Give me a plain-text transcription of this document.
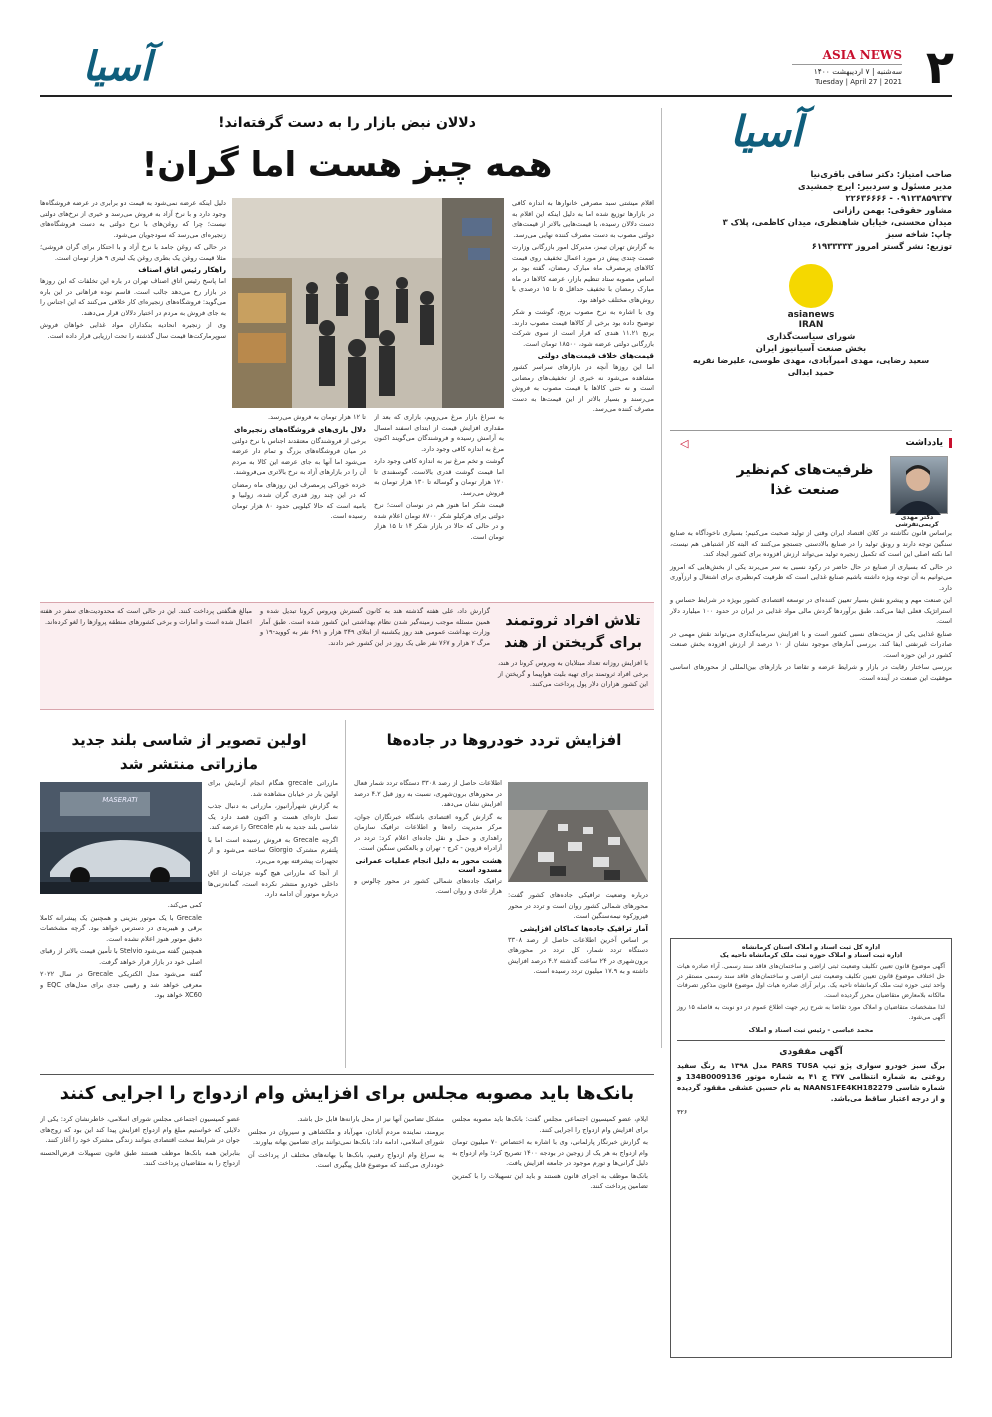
۲
ASIA NEWS
سه‌شنبه | ۷ اردیبهشت ۱۴۰۰
Tuesday | April 27 | 2021
آسیا
آسیا
صاحب امتیاز: دکتر ساقی باقری‌نیا
مدیر مسئول و سردبیر: ایرج جمشیدی
۰۹۱۲۳۸۵۹۲۳۷ - ۲۲۶۳۶۶۶۶
مشاور حقوقی: بهمن رازانی
میدان محسنی، خیابان شاهنظری، میدان کاظمی، پلاک ۳
چاپ: شاخه سبز
توزیع: نشر گستر امروز ۶۱۹۳۳۳۳۳
asianews
IRAN
شورای سیاست‌گذاری
بخش صنعت آسیانیوز ایران
سعید رضایی، مهدی امیرآبادی، مهدی طوسی، علیرضا نقریه
حمید ابدالی
یادداشت
◁
دکتر مهدی کریمی‌تفرشی
ظرفیت‌های کم‌نظیر صنعت غذا

براساس قانون نگاشته در کلان اقتصاد ایران وقتی از تولید صحبت می‌کنیم؛ بسیاری ناخودآگاه به صنایع سنگین توجه دارند و رونق تولید را در صنایع بالادستی جستجو می‌کنند که البته کار اشتباهی هم نیست، اما نکته اصلی این است که تکمیل زنجیره تولید می‌تواند ارزش افزوده برای کشور ایجاد کند.

در حالی که بسیاری از صنایع در حال حاضر در رکود نسبی به سر می‌برند یکی از بخش‌هایی که امروز می‌توانیم به آن توجه ویژه داشته باشیم صنایع غذایی است که ظرفیت کم‌نظیری برای اشتغال و ارزآوری دارد.

این صنعت مهم و پیشرو نقش بسیار تعیین کننده‌ای در توسعه اقتصادی کشور بویژه در شرایط حساس و استراتژیک فعلی ایفا می‌کند. طبق برآوردها گردش مالی مواد غذایی در ایران در حدود ۱۰۰ میلیارد دلار است.

صنایع غذایی یکی از مزیت‌های نسبی کشور است و با افزایش سرمایه‌گذاری می‌تواند نقش مهمی در صادرات غیرنفتی ایفا کند. بررسی آمارهای موجود نشان از ۱۰ درصد از ارزش افزوده بخش صنعت کشور در این حوزه است.

بررسی ساختار رقابت در بازار و شرایط عرضه و تقاضا در بازارهای بین‌المللی از محورهای اساسی موفقیت این صنعت در آینده است.

اداره کل ثبت اسناد و املاک استان کرمانشاه
اداره ثبت اسناد و املاک حوزه ثبت ملک کرمانشاه ناحیه یک
آگهی موضوع قانون تعیین تکلیف وضعیت ثبتی اراضی و ساختمان‌های فاقد سند رسمی. آراء صادره هیات حل اختلاف موضوع قانون تعیین تکلیف وضعیت ثبتی اراضی و ساختمان‌های فاقد سند رسمی مستقر در واحد ثبتی حوزه ثبت ملک کرمانشاه ناحیه یک. برابر آرای صادره هیات اول موضوع قانون مذکور تصرفات مالکانه بلامعارض متقاضیان محرز گردیده است.
لذا مشخصات متقاضیان و املاک مورد تقاضا به شرح زیر جهت اطلاع عموم در دو نوبت به فاصله ۱۵ روز آگهی می‌شود.
محمد عباسی - رئیس ثبت اسناد و املاک
آگهی مفقودی
برگ سبز خودرو سواری پژو تیپ PARS TUSA مدل ۱۳۹۸ به رنگ سفید روغنی به شماره انتظامی ۳۷۷ ج ۴۱ به شماره موتور 134B0009136 و شماره شاسی NAANS1FE4KH182279 به نام حسین عشقی مفقود گردیده و از درجه اعتبار ساقط می‌باشد.
۳۲۶
دلالان نبض بازار را به دست گرفته‌اند!
همه چیز هست اما گران!

اقلام میشتی سبد مصرفی خانوارها به اندازه کافی در بازارها توزیع شده اما به دلیل اینکه این اقلام به دست دلالان رسیده، با قیمت‌هایی بالاتر از قیمت‌های دولتی مصوب به دست مصرف کننده نهایی می‌رسد.

به گزارش تهران تیمز، مدیرکل امور بازرگانی وزارت صمت چندی پیش در مورد اعمال تخفیف روی قیمت کالاهای پرمصرف ماه مبارک رمضان، گفته بود بر اساس مصوبه ستاد تنظیم بازار، عرضه کالاها در ماه مبارک رمضان با تخفیف حداقل ۵ تا ۱۵ درصدی با روش‌های مختلف خواهد بود.

وی با اشاره به نرخ مصوب برنج، گوشت و شکر توضیح داده بود برخی از کالاها قیمت مصوب دارند. برنج ۱۱.۲۱ هندی که قرار است از سوی شرکت بازرگانی دولتی عرضه شود، ۱۸۵۰۰ تومان است.

قیمت‌های خلاف قیمت‌های دولتی

اما این روزها آنچه در بازارهای سراسر کشور مشاهده می‌شود نه خبری از تخفیف‌های رمضانی است و نه حتی کالاها با قیمت مصوب به فروش می‌رسند و بسیار بالاتر از این قیمت‌ها به دست مصرف کننده می‌رسد.

دلیل اینکه عرضه نمی‌شود به قیمت دو برابری در عرضه فروشگاه‌ها وجود دارد و با نرخ آزاد به فروش می‌رسد و خیری از نرخ‌های دولتی نیست؛ چرا که روغن‌های با نرخ دولتی به دست فروشگاه‌های زنجیره‌ای می‌رسد که سودجویان می‌شود.

در حالی که روغن جامد با نرخ آزاد و با احتکار برای گران فروشی؛ مثلا قیمت روغن یک بطری روغن یک لیتری ۹ هزار تومان است.

راهکار رئیس اتاق اصناف

اما پاسخ رئیس اتاق اصناف تهران در باره این تخلفات که این روزها در بازار رخ می‌دهد جالب است. قاسم نوده فراهانی در این باره می‌گوید: فروشگاه‌های زنجیره‌ای کار خلافی می‌کنند که این اجناس را به جای فروش به مردم در اختیار دلالان قرار می‌دهند.

وی از زنجیره انحادیه بنکداران مواد غذایی خواهان فروش سوپرمارکت‌ها قیمت سال گذشته را تحت ارزیابی قرار داده است.

به سراغ بازار مرغ می‌رویم، بازاری که بعد از مقداری افزایش قیمت از ابتدای اسفند امسال به آرامش رسیده و فروشندگان می‌گویند اکنون مرغ به اندازه کافی وجود دارد.

گوشت و تخم مرغ نیز به اندازه کافی وجود دارد اما قیمت گوشت قدری بالاست. گوسفندی تا ۱۲۰ هزار تومان و گوساله تا ۱۳۰ هزار تومان به فروش می‌رسد.

قیمت شکر اما هنوز هم در نوسان است؛ نرخ دولتی برای هرکیلو شکر ۸۷۰۰ تومان اعلام شده و در حالی که حالا در بازار شکر ۱۴ تا ۱۵ هزار تومان است.

تا ۱۲ هزار تومان به فروش می‌رسد.

دلال بازی‌های فروشگاه‌های زنجیره‌ای

برخی از فروشندگان معتقدند اجناس با نرخ دولتی در میان فروشگاه‌های بزرگ و تمام دار عرضه می‌شود اما آنها به جای عرضه این کالا به مردم آن را در بازارهای آزاد به نرخ بالاتری می‌فروشند.

خرده خوراکی پرمصرف این روزهای ماه رمضان که در این چند روز قدری گران شده، زولبیا و بامیه است که حالا کیلویی حدود ۸۰ هزار تومان رسیده است.

تلاش افراد ثروتمند برای گریختن از هند
با افزایش روزانه تعداد مبتلایان به ویروس کرونا در هند، برخی افراد ثروتمند برای تهیه بلیت هواپیما و گریختن از این کشور هزاران دلار پول پرداخت می‌کنند.
گزارش داد، علی هفته گذشته هند به کانون گسترش ویروس کرونا تبدیل شده و همین مسئله موجب زمینه‌گیر شدن نظام بهداشتی این کشور شده است. طبق آمار وزارت بهداشت عمومی هند روز یکشنبه از ابتلای ۳۴۹ هزار و ۶۹۱ نفر به کووید-۱۹ و مرگ ۲ هزار و ۷۶۷ نفر طی یک روز در این کشور خبر دادند.
مبالغ هنگفتی پرداخت کنند. این در حالی است که محدودیت‌های سفر در هفته اعمال شده است و امارات و برخی کشورهای منطقه پروازها را لغو کرده‌اند.
افزایش تردد خودروها در جاده‌ها

اطلاعات حاصل از رصد ۳۳۰۸ دستگاه تردد شمار فعال در محورهای برون‌شهری، نسبت به روز قبل ۴.۲ درصد افزایش نشان می‌دهد.

به گزارش گروه اقتصادی باشگاه خبرنگاران جوان، مرکز مدیریت راه‌ها و اطلاعات ترافیک سازمان راهداری و حمل و نقل جاده‌ای اعلام کرد: تردد در آزادراه قزوین - کرج - تهران و بالعکس سنگین است.

هشت محور به دلیل انجام عملیات عمرانی مسدود است

ترافیک جاده‌های شمالی کشور در محور چالوس و هراز عادی و روان است. درباره وضعیت ترافیکی جاده‌های کشور گفت: محورهای شمالی کشور روان است و تردد در محور فیروزکوه نیمه‌سنگین است.

آمار ترافیک جاده‌ها کماکان افزایشی

بر اساس آخرین اطلاعات حاصل از رصد ۳۳۰۸ دستگاه تردد شمار، کل تردد در محورهای برون‌شهری در ۲۴ ساعت گذشته ۴.۲ درصد افزایش داشته و به ۱۷.۹ میلیون تردد رسیده است.

اولین تصویر از شاسی بلند جدید مازراتی منتشر شد
MASERATI

مازراتی grecale هنگام انجام آزمایش برای اولین بار در خیابان مشاهده شد.

به گزارش شهرآرانیوز، مازراتی به دنبال جذب نسل تازه‌ای هست و اکنون قصد دارد یک شاسی بلند جدید به نام Grecale را عرضه کند.

اگرچه Grecale به فروش رسیده است اما با پلتفرم مشترک Giorgio ساخته می‌شود و از تجهیزات پیشرفته بهره می‌برد.

از آنجا که مازراتی هیچ گونه جزئیات از اتاق داخلی خودرو منتشر نکرده است، گمانه‌زنی‌ها درباره موتور آن ادامه دارد.

کمی می‌کند.

Grecale با یک موتور بنزینی و همچنین یک پیشرانه کاملا برقی و هیبریدی در دسترس خواهد بود. گرچه مشخصات دقیق موتور هنوز اعلام نشده است.

همچنین گفته می‌شود Stelvio با تأمین قیمت بالاتر از رقبای اصلی خود در بازار قرار خواهد گرفت.

گفته می‌شود مدل الکتریکی Grecale در سال ۲۰۲۲ معرفی خواهد شد و رقیبی جدی برای مدل‌های EQC و XC60 خواهد بود.

بانک‌ها باید مصوبه مجلس برای افزایش وام ازدواج را اجرایی کنند

ایلام، عضو کمیسیون اجتماعی مجلس گفت: بانک‌ها باید مصوبه مجلس برای افزایش وام ازدواج را اجرایی کنند.

به گزارش خبرنگار پارلمانی، وی با اشاره به اختصاص ۷۰ میلیون تومان وام ازدواج به هر یک از زوجین در بودجه ۱۴۰۰ تصریح کرد: وام ازدواج به دلیل گرانی‌ها و تورم موجود در جامعه افزایش یافت.

بانک‌ها موظف به اجرای قانون هستند و باید این تسهیلات را با کمترین تضامین پرداخت کنند.

مشکل تضامین آنها نیز از محل یارانه‌ها قابل حل باشد.

برومند، نماینده مردم آبادان، مهرآباد و ملکشاهی و سیروان در مجلس شورای اسلامی، ادامه داد: بانک‌ها نمی‌توانند برای تضامین بهانه بیاورند.

به سراغ وام ازدواج رفتیم، بانک‌ها با بهانه‌های مختلف از پرداخت آن خودداری می‌کنند که موضوع قابل پیگیری است.

عضو کمیسیون اجتماعی مجلس شورای اسلامی، خاطرنشان کرد: یکی از دلایلی که خواستیم مبلغ وام ازدواج افزایش پیدا کند این بود که زوج‌های جوان در شرایط سخت اقتصادی بتوانند زندگی مشترک خود را آغاز کنند.

بنابراین همه بانک‌ها موظف هستند طبق قانون تسهیلات قرض‌الحسنه ازدواج را به متقاضیان پرداخت کنند.
